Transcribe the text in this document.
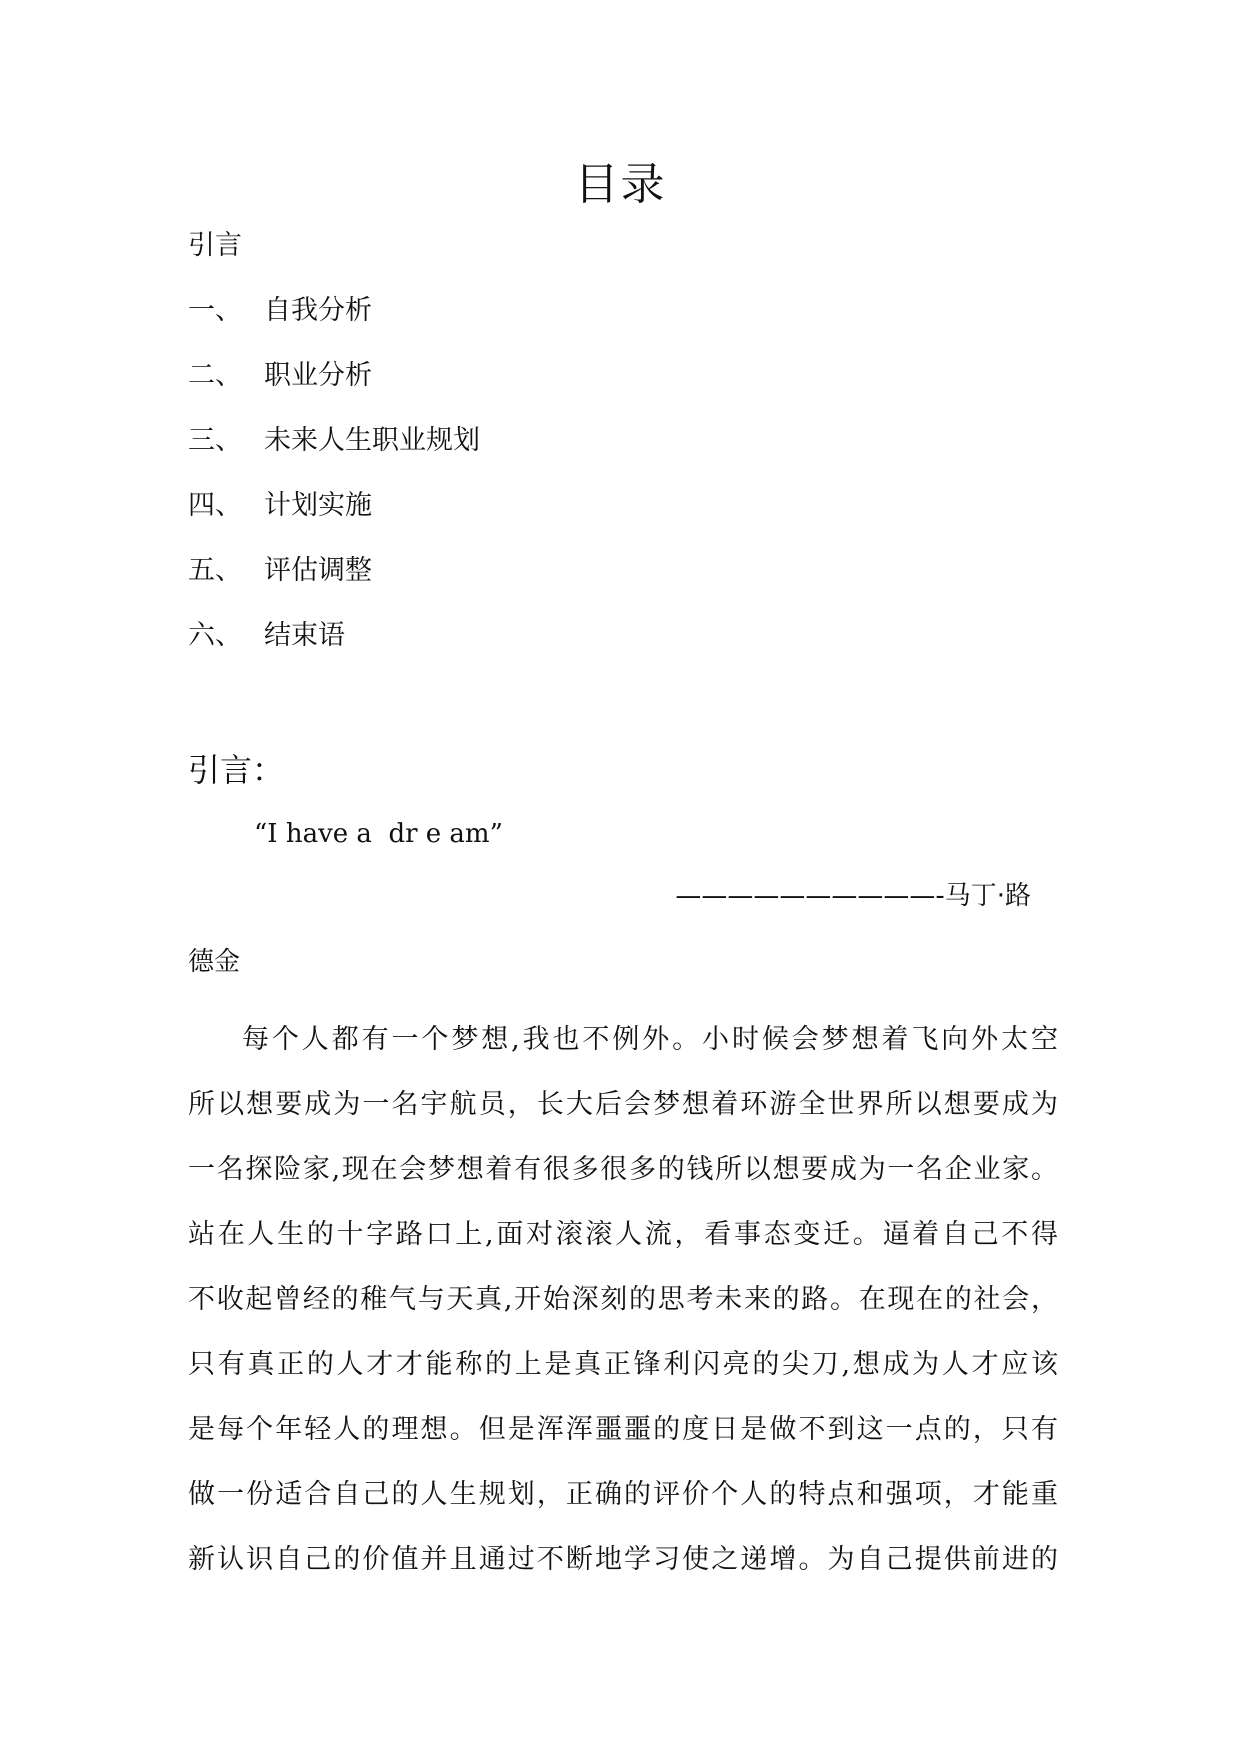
目录
引言
一、 自我分析
二、 职业分析
三、 未来人生职业规划
四、 计划实施
五、 评估调整
六、 结束语
引言：
“I have a  dr e am”
——————————-马丁·路
德金

每个人都有一个梦想,我也不例外。小时候会梦想着飞向外太空
所以想要成为一名宇航员，长大后会梦想着环游全世界所以想要成为
一名探险家,现在会梦想着有很多很多的钱所以想要成为一名企业家。
站在人生的十字路口上,面对滚滚人流，看事态变迁。逼着自己不得
不收起曾经的稚气与天真,开始深刻的思考未来的路。在现在的社会，
只有真正的人才才能称的上是真正锋利闪亮的尖刀,想成为人才应该
是每个年轻人的理想。但是浑浑噩噩的度日是做不到这一点的，只有
做一份适合自己的人生规划，正确的评价个人的特点和强项，才能重
新认识自己的价值并且通过不断地学习使之递增。为自己提供前进的
